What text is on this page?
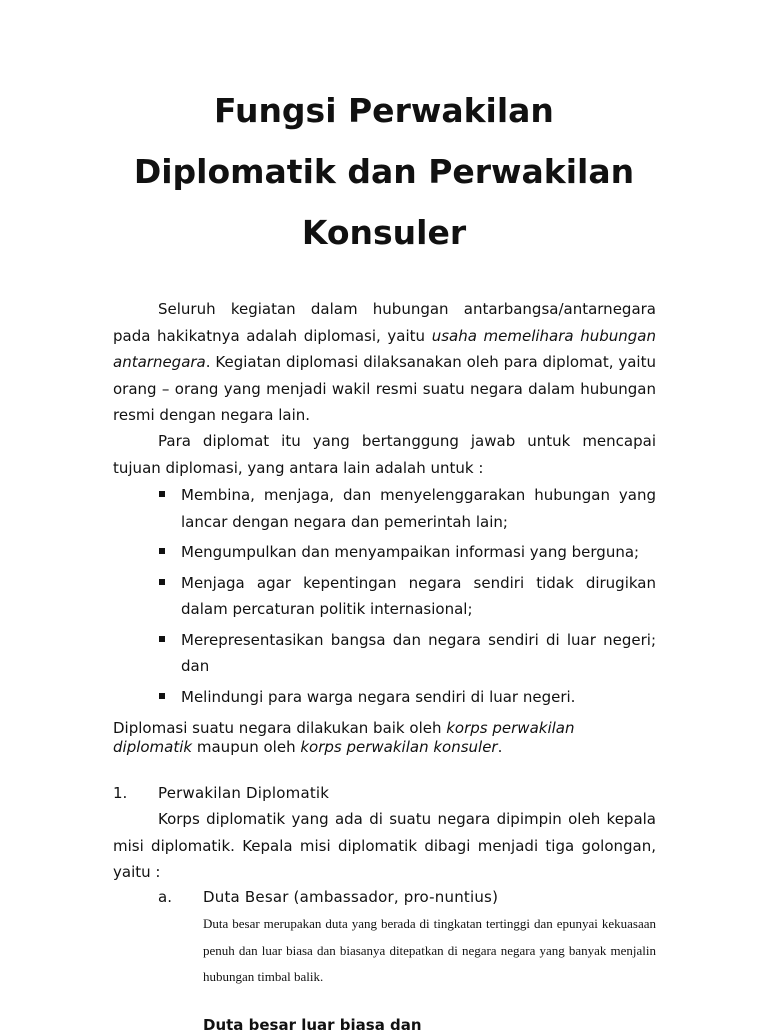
Fungsi Perwakilan
Diplomatik dan Perwakilan
Konsuler

Seluruh kegiatan dalam hubungan antarbangsa/antarnegara pada hakikatnya adalah diplomasi, yaitu usaha memelihara hubungan antarnegara. Kegiatan diplomasi dilaksanakan oleh para diplomat, yaitu orang – orang yang menjadi wakil resmi suatu negara dalam hubungan resmi dengan negara lain.

Para diplomat itu yang bertanggung jawab untuk mencapai tujuan diplomasi, yang antara lain adalah untuk :

Membina, menjaga, dan menyelenggarakan hubungan yang lancar dengan negara dan pemerintah lain;
Mengumpulkan dan menyampaikan informasi yang berguna;
Menjaga agar kepentingan negara sendiri tidak dirugikan dalam percaturan politik internasional;
Merepresentasikan bangsa dan negara sendiri di luar negeri; dan
Melindungi para warga negara sendiri di luar negeri.

Diplomasi suatu negara dilakukan baik oleh korps perwakilan diplomatik maupun oleh korps perwakilan konsuler.

1. Perwakilan Diplomatik

Korps diplomatik yang ada di suatu negara dipimpin oleh kepala misi diplomatik. Kepala misi diplomatik dibagi menjadi tiga golongan, yaitu :

a. Duta Besar (ambassador, pro-nuntius)

Duta besar merupakan duta yang berada di tingkatan tertinggi dan epunyai kekuasaan penuh dan luar biasa dan biasanya ditepatkan di negara negara yang banyak menjalin hubungan timbal balik.

Duta besar luar biasa dan
